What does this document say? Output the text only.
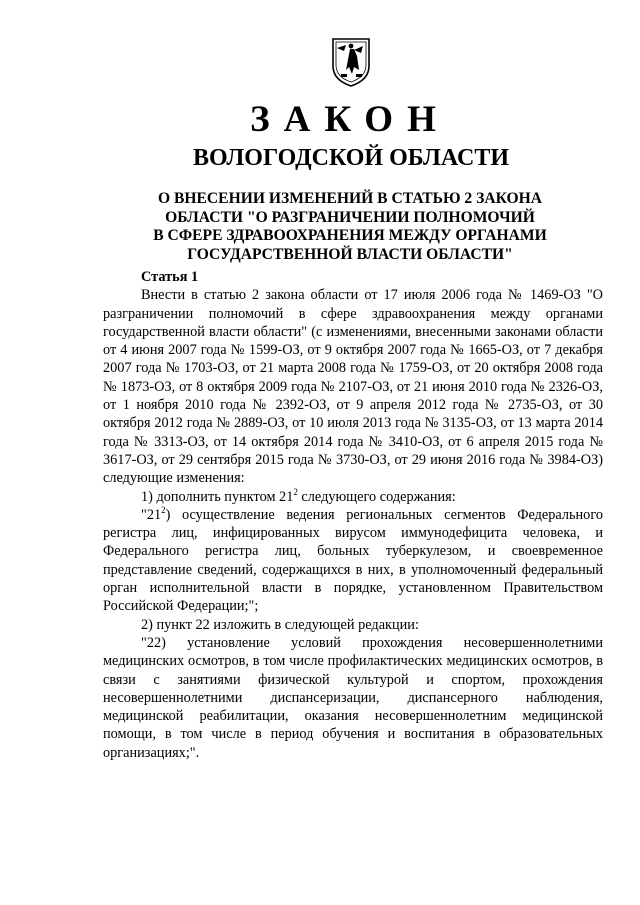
ЗАКОН
ВОЛОГОДСКОЙ ОБЛАСТИ
О ВНЕСЕНИИ ИЗМЕНЕНИЙ В СТАТЬЮ 2 ЗАКОНА
ОБЛАСТИ "О РАЗГРАНИЧЕНИИ ПОЛНОМОЧИЙ
В СФЕРЕ ЗДРАВООХРАНЕНИЯ МЕЖДУ ОРГАНАМИ
ГОСУДАРСТВЕННОЙ ВЛАСТИ ОБЛАСТИ"

Статья 1

Внести в статью 2 закона области от 17 июля 2006 года № 1469-ОЗ "О разграничении полномочий в сфере здравоохранения между органами государственной власти области" (с изменениями, внесенными законами области от 4 июня 2007 года № 1599-ОЗ, от 9 октября 2007 года № 1665-ОЗ, от 7 декабря 2007 года № 1703-ОЗ, от 21 марта 2008 года № 1759-ОЗ, от 20 октября 2008 года № 1873-ОЗ, от 8 октября 2009 года № 2107-ОЗ, от 21 июня 2010 года № 2326-ОЗ, от 1 ноября 2010 года № 2392-ОЗ, от 9 апреля 2012 года № 2735-ОЗ, от 30 октября 2012 года № 2889-ОЗ, от 10 июля 2013 года № 3135-ОЗ, от 13 марта 2014 года № 3313-ОЗ, от 14 октября 2014 года № 3410-ОЗ, от 6 апреля 2015 года № 3617-ОЗ, от 29 сентября 2015 года № 3730-ОЗ, от 29 июня 2016 года № 3984-ОЗ) следующие изменения:

1) дополнить пунктом $21^2$ следующего содержания:

"$21^2$) осуществление ведения региональных сегментов Федерального регистра лиц, инфицированных вирусом иммунодефицита человека, и Федерального регистра лиц, больных туберкулезом, и своевременное представление сведений, содержащихся в них, в уполномоченный федеральный орган исполнительной власти в порядке, установленном Правительством Российской Федерации;";

2) пункт 22 изложить в следующей редакции:

"22) установление условий прохождения несовершеннолетними медицинских осмотров, в том числе профилактических медицинских осмотров, в связи с занятиями физической культурой и спортом, прохождения несовершеннолетними диспансеризации, диспансерного наблюдения, медицинской реабилитации, оказания несовершеннолетним медицинской помощи, в том числе в период обучения и воспитания в образовательных организациях;".
